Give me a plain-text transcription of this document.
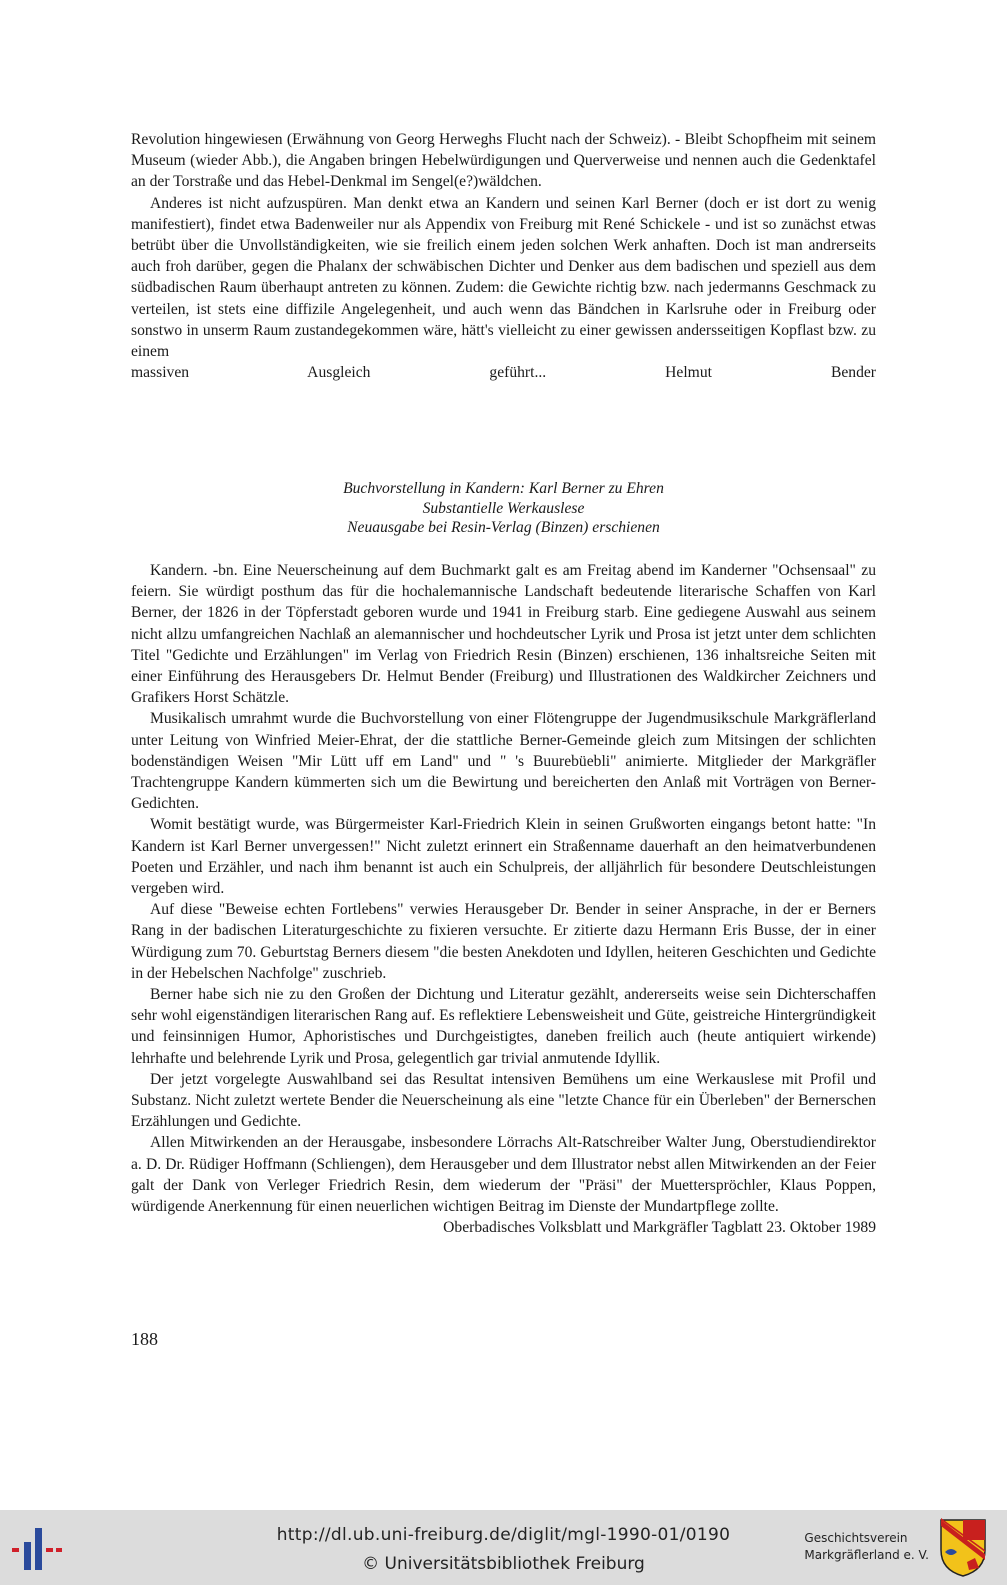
Revolution hingewiesen (Erwähnung von Georg Herweghs Flucht nach der Schweiz). - Bleibt Schopfheim mit seinem Museum (wieder Abb.), die Angaben bringen Hebelwürdigungen und Querverweise und nennen auch die Gedenktafel an der Torstraße und das Hebel-Denkmal im Sengel(e?)wäldchen.

Anderes ist nicht aufzuspüren. Man denkt etwa an Kandern und seinen Karl Berner (doch er ist dort zu wenig manifestiert), findet etwa Badenweiler nur als Appendix von Freiburg mit René Schickele - und ist so zunächst etwas betrübt über die Unvollständigkeiten, wie sie freilich einem jeden solchen Werk anhaften. Doch ist man andrerseits auch froh darüber, gegen die Phalanx der schwäbischen Dichter und Denker aus dem badischen und speziell aus dem südbadischen Raum überhaupt antreten zu können. Zudem: die Gewichte richtig bzw. nach jedermanns Geschmack zu verteilen, ist stets eine diffizile Angelegenheit, und auch wenn das Bändchen in Karlsruhe oder in Freiburg oder sonstwo in unserm Raum zustandegekommen wäre, hätt's vielleicht zu einer gewissen andersseitigen Kopflast bzw. zu einem

massiven Ausgleich geführt...	Helmut Bender
Buchvorstellung in Kandern: Karl Berner zu Ehren
Substantielle Werkauslese
Neuausgabe bei Resin-Verlag (Binzen) erschienen

Kandern. -bn. Eine Neuerscheinung auf dem Buchmarkt galt es am Freitag abend im Kanderner "Ochsensaal" zu feiern. Sie würdigt posthum das für die hochalemannische Landschaft bedeutende literarische Schaffen von Karl Berner, der 1826 in der Töpferstadt geboren wurde und 1941 in Freiburg starb. Eine gediegene Auswahl aus seinem nicht allzu umfangreichen Nachlaß an alemannischer und hochdeutscher Lyrik und Prosa ist jetzt unter dem schlichten Titel "Gedichte und Erzählungen" im Verlag von Friedrich Resin (Binzen) erschienen, 136 inhaltsreiche Seiten mit einer Einführung des Herausgebers Dr. Helmut Bender (Freiburg) und Illustrationen des Waldkircher Zeichners und Grafikers Horst Schätzle.

Musikalisch umrahmt wurde die Buchvorstellung von einer Flötengruppe der Jugendmusikschule Markgräflerland unter Leitung von Winfried Meier-Ehrat, der die stattliche Berner-Gemeinde gleich zum Mitsingen der schlichten bodenständigen Weisen "Mir Lütt uff em Land" und " 's Buurebüebli" animierte. Mitglieder der Markgräfler Trachtengruppe Kandern kümmerten sich um die Bewirtung und bereicherten den Anlaß mit Vorträgen von Berner-Gedichten.

Womit bestätigt wurde, was Bürgermeister Karl-Friedrich Klein in seinen Grußworten eingangs betont hatte: "In Kandern ist Karl Berner unvergessen!" Nicht zuletzt erinnert ein Straßenname dauerhaft an den heimatverbundenen Poeten und Erzähler, und nach ihm benannt ist auch ein Schulpreis, der alljährlich für besondere Deutschleistungen vergeben wird.

Auf diese "Beweise echten Fortlebens" verwies Herausgeber Dr. Bender in seiner Ansprache, in der er Berners Rang in der badischen Literaturgeschichte zu fixieren versuchte. Er zitierte dazu Hermann Eris Busse, der in einer Würdigung zum 70. Geburtstag Berners diesem "die besten Anekdoten und Idyllen, heiteren Geschichten und Gedichte in der Hebelschen Nachfolge" zuschrieb.

Berner habe sich nie zu den Großen der Dichtung und Literatur gezählt, andererseits weise sein Dichterschaffen sehr wohl eigenständigen literarischen Rang auf. Es reflektiere Lebensweisheit und Güte, geistreiche Hintergründigkeit und feinsinnigen Humor, Aphoristisches und Durchgeistigtes, daneben freilich auch (heute antiquiert wirkende) lehrhafte und belehrende Lyrik und Prosa, gelegentlich gar trivial anmutende Idyllik.

Der jetzt vorgelegte Auswahlband sei das Resultat intensiven Bemühens um eine Werkauslese mit Profil und Substanz. Nicht zuletzt wertete Bender die Neuerscheinung als eine "letzte Chance für ein Überleben" der Bernerschen Erzählungen und Gedichte.

Allen Mitwirkenden an der Herausgabe, insbesondere Lörrachs Alt-Ratschreiber Walter Jung, Oberstudiendirektor a. D. Dr. Rüdiger Hoffmann (Schliengen), dem Herausgeber und dem Illustrator nebst allen Mitwirkenden an der Feier galt der Dank von Verleger Friedrich Resin, dem wiederum der "Präsi" der Muetterspröchler, Klaus Poppen, würdigende Anerkennung für einen neuerlichen wichtigen Beitrag im Dienste der Mundartpflege zollte.

Oberbadisches Volksblatt und Markgräfler Tagblatt 23. Oktober 1989
188
http://dl.ub.uni-freiburg.de/diglit/mgl-1990-01/0190
© Universitätsbibliothek Freiburg
Geschichtsverein
Markgräflerland e. V.
